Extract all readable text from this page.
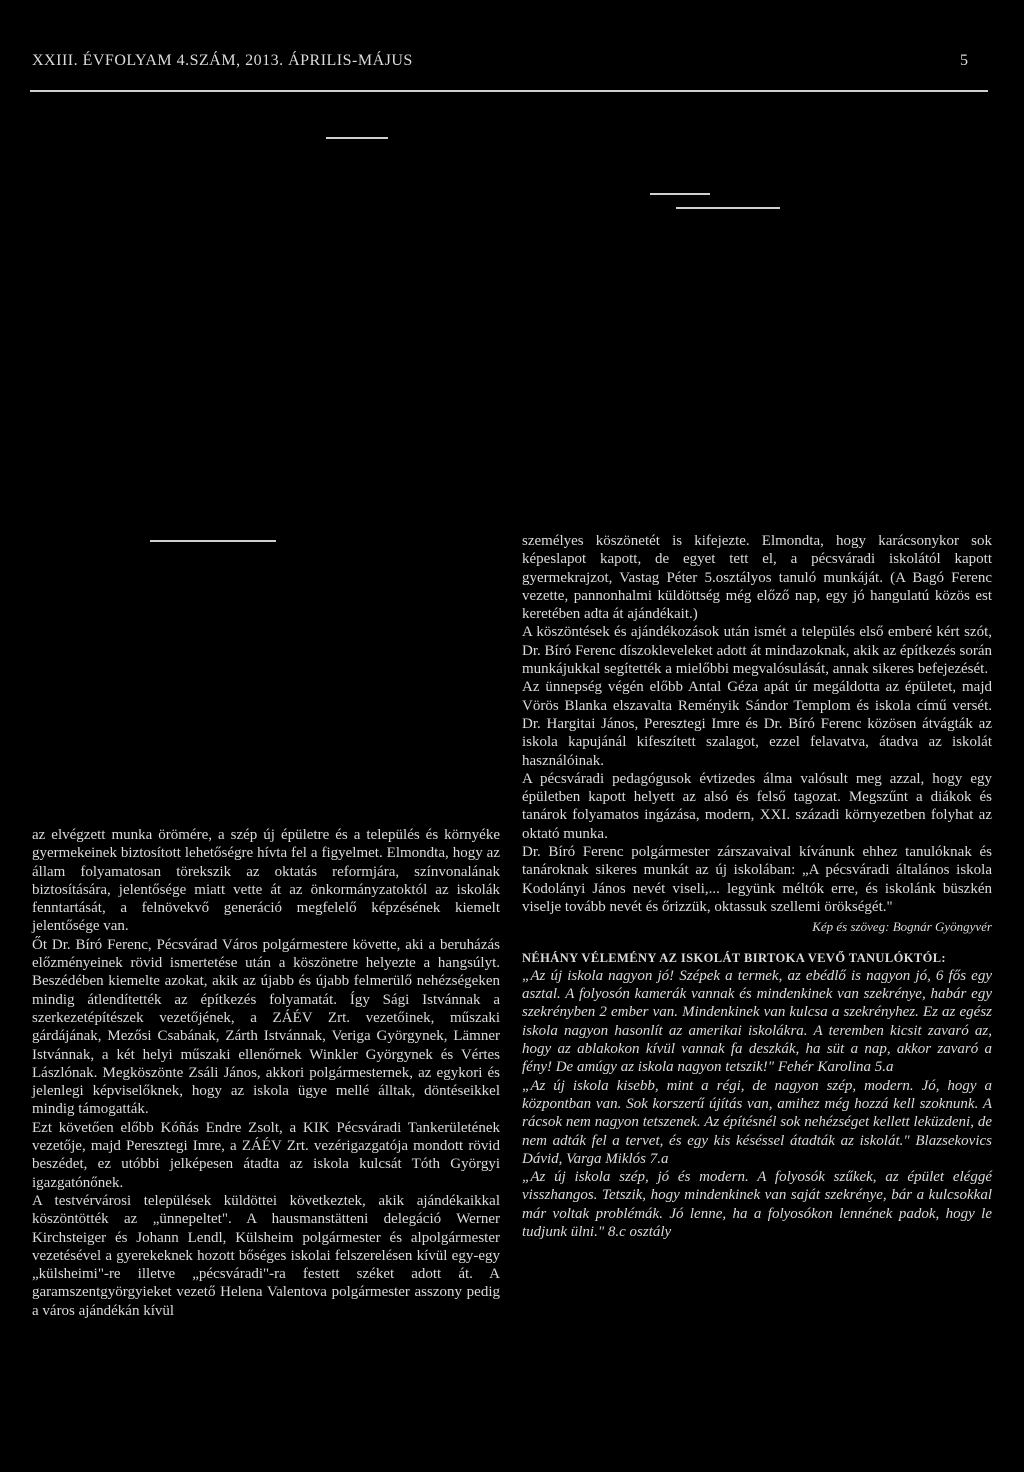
XXIII. ÉVFOLYAM 4.SZÁM, 2013. ÁPRILIS-MÁJUS	5

az elvégzett munka örömére, a szép új épületre és a település és környéke gyermekeinek biztosított lehetőségre hívta fel a figyelmet. Elmondta, hogy az állam folyamatosan törekszik az oktatás reformjára, színvonalának biztosítására, jelentősége miatt vette át az önkormányzatoktól az iskolák fenntartását, a felnövekvő generáció megfelelő képzésének kiemelt jelentősége van.

Őt Dr. Bíró Ferenc, Pécsvárad Város polgármestere követte, aki a beruházás előzményeinek rövid ismertetése után a köszönetre helyezte a hangsúlyt. Beszédében kiemelte azokat, akik az újabb és újabb felmerülő nehézségeken mindig átlendítették az építkezés folyamatát. Így Sági Istvánnak a szerkezetépítészek vezetőjének, a ZÁÉV Zrt. vezetőinek, műszaki gárdájának, Mezősi Csabának, Zárth Istvánnak, Veriga Györgynek, Lämner Istvánnak, a két helyi műszaki ellenőrnek Winkler Györgynek és Vértes Lászlónak. Megköszönte Zsáli János, akkori polgármesternek, az egykori és jelenlegi képviselőknek, hogy az iskola ügye mellé álltak, döntéseikkel mindig támogatták.

Ezt követően előbb Kóñás Endre Zsolt, a KIK Pécsváradi Tankerületének vezetője, majd Peresztegi Imre, a ZÁÉV Zrt. vezérigazgatója mondott rövid beszédet, ez utóbbi jelképesen átadta az iskola kulcsát Tóth Györgyi igazgatónőnek.

A testvérvárosi települések küldöttei következtek, akik ajándékaikkal köszöntötték az „ünnepeltet". A hausmanstätteni delegáció Werner Kirchsteiger és Johann Lendl, Külsheim polgármester és alpolgármester vezetésével a gyerekeknek hozott bőséges iskolai felszerelésen kívül egy-egy „külsheimi"-re illetve „pécsváradi"-ra festett széket adott át. A garamszentgyörgyieket vezető Helena Valentova polgármester asszony pedig a város ajándékán kívül

személyes köszönetét is kifejezte. Elmondta, hogy karácsonykor sok képeslapot kapott, de egyet tett el, a pécsváradi iskolától kapott gyermekrajzot, Vastag Péter 5.osztályos tanuló munkáját. (A Bagó Ferenc vezette, pannonhalmi küldöttség még előző nap, egy jó hangulatú közös est keretében adta át ajándékait.)

A köszöntések és ajándékozások után ismét a település első emberé kért szót, Dr. Bíró Ferenc díszokleveleket adott át mindazoknak, akik az építkezés során munkájukkal segítették a mielőbbi megvalósulását, annak sikeres befejezését.

Az ünnepség végén előbb Antal Géza apát úr megáldotta az épületet, majd Vörös Blanka elszavalta Reményik Sándor Templom és iskola című versét. Dr. Hargitai János, Peresztegi Imre és Dr. Bíró Ferenc közösen átvágták az iskola kapujánál kifeszített szalagot, ezzel felavatva, átadva az iskolát használóinak.

A pécsváradi pedagógusok évtizedes álma valósult meg azzal, hogy egy épületben kapott helyett az alsó és felső tagozat. Megszűnt a diákok és tanárok folyamatos ingázása, modern, XXI. századi környezetben folyhat az oktató munka.

Dr. Bíró Ferenc polgármester zárszavaival kívánunk ehhez tanulóknak és tanároknak sikeres munkát az új iskolában: „A pécsváradi általános iskola Kodolányi János nevét viseli,... legyünk méltók erre, és iskolánk büszkén viselje tovább nevét és őrizzük, oktassuk szellemi örökségét."

Kép és szöveg: Bognár Gyöngyvér

NÉHÁNY VÉLEMÉNY AZ ISKOLÁT BIRTOKA VEVŐ TANULÓKTÓL:

„Az új iskola nagyon jó! Szépek a termek, az ebédlő is nagyon jó, 6 fős egy asztal. A folyosón kamerák vannak és mindenkinek van szekrénye, habár egy szekrényben 2 ember van. Mindenkinek van kulcsa a szekrényhez. Ez az egész iskola nagyon hasonlít az amerikai iskolákra. A teremben kicsit zavaró az, hogy az ablakokon kívül vannak fa deszkák, ha süt a nap, akkor zavaró a fény! De amúgy az iskola nagyon tetszik!" Fehér Karolina 5.a

„Az új iskola kisebb, mint a régi, de nagyon szép, modern. Jó, hogy a központban van. Sok korszerű újítás van, amihez még hozzá kell szoknunk. A rácsok nem nagyon tetszenek. Az építésnél sok nehézséget kellett leküzdeni, de nem adták fel a tervet, és egy kis késéssel átadták az iskolát." Blazsekovics Dávid, Varga Miklós 7.a

„Az új iskola szép, jó és modern. A folyosók szűkek, az épület eléggé visszhangos. Tetszik, hogy mindenkinek van saját szekrénye, bár a kulcsokkal már voltak problémák. Jó lenne, ha a folyosókon lennének padok, hogy le tudjunk ülni." 8.c osztály
